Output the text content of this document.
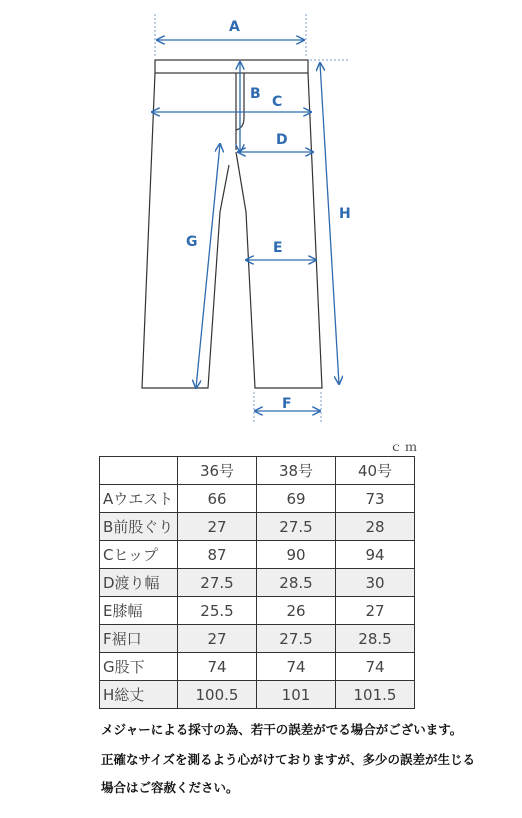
A
B C
D
E
F
G
H
ｃｍ
	36号	38号	40号
Aウエスト	66	69	73
B前股ぐり	27	27.5	28
Cヒップ	87	90	94
D渡り幅	27.5	28.5	30
E膝幅	25.5	26	27
F裾口	27	27.5	28.5
G股下	74	74	74
H総丈	100.5	101	101.5
メジャーによる採寸の為、若干の誤差がでる場合がございます。
正確なサイズを測るよう心がけておりますが、多少の誤差が生じる
場合はご容赦ください。
